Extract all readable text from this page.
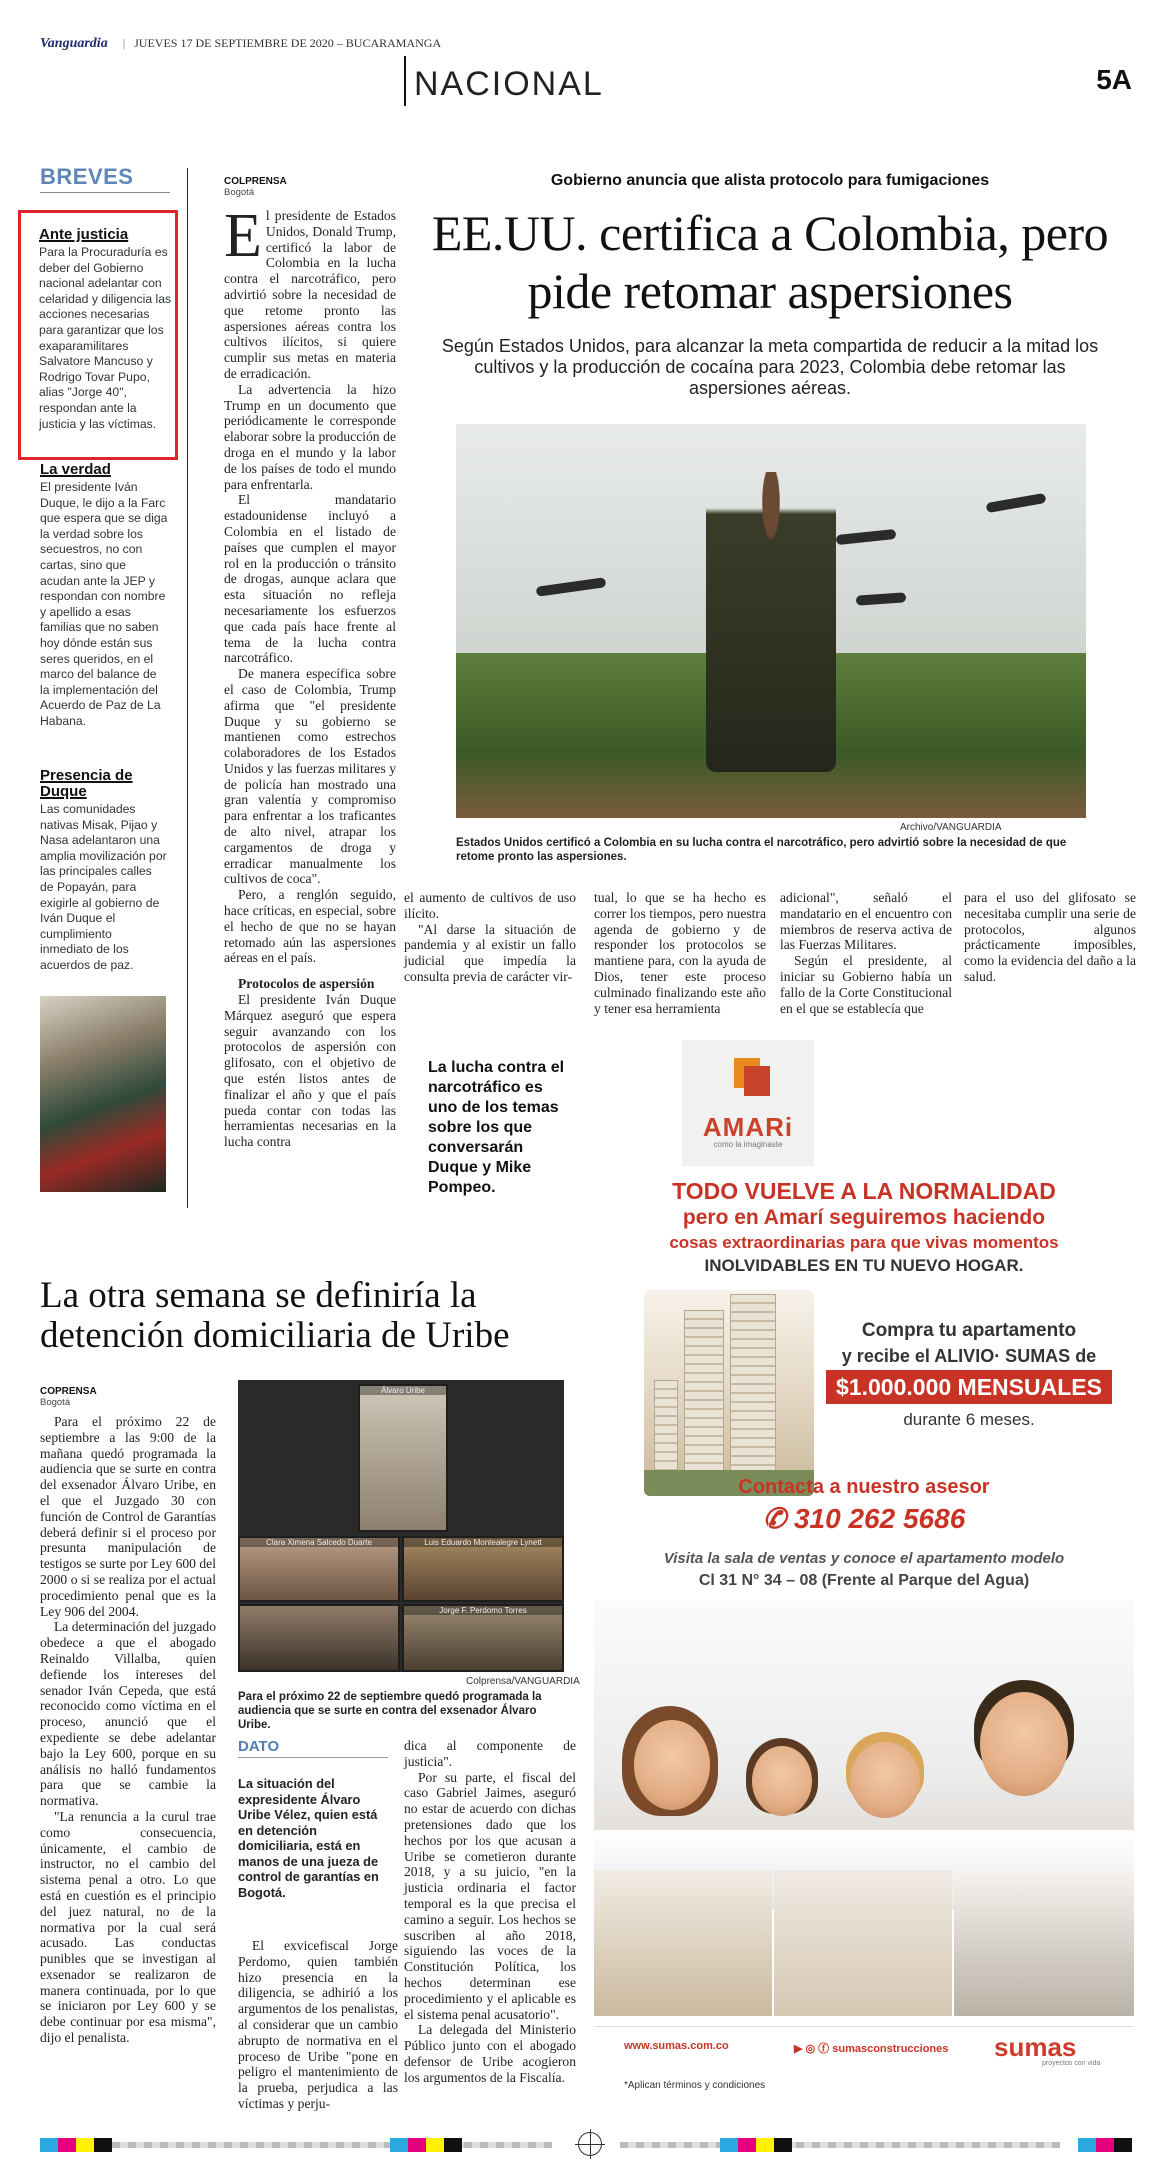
Vanguardia | JUEVES 17 DE SEPTIEMBRE DE 2020 – BUCARAMANGA
NACIONAL	5A
BREVES
Ante justicia
Para la Procuraduría es deber del Gobierno nacional adelantar con celaridad y diligencia las acciones necesarias para garantizar que los exaparamilitares Salvatore Mancuso y Rodrigo Tovar Pupo, alias "Jorge 40", respondan ante la justicia y las víctimas.
La verdad
El presidente Iván Duque, le dijo a la Farc que espera que se diga la verdad sobre los secuestros, no con cartas, sino que acudan ante la JEP y respondan con nombre y apellido a esas familias que no saben hoy dónde están sus seres queridos, en el marco del balance de la implementación del Acuerdo de Paz de La Habana.
Presencia de Duque
Las comunidades nativas Misak, Pijao y Nasa adelantaron una amplia movilización por las principales calles de Popayán, para exigirle al gobierno de Iván Duque el cumplimiento inmediato de los acuerdos de paz.
COLPRENSA
Bogotá
Gobierno anuncia que alista protocolo para fumigaciones
EE.UU. certifica a Colombia, pero pide retomar aspersiones
Según Estados Unidos, para alcanzar la meta compartida de reducir a la mitad los cultivos y la producción de cocaína para 2023, Colombia debe retomar las aspersiones aéreas.
Archivo/VANGUARDIA
Estados Unidos certificó a Colombia en su lucha contra el narcotráfico, pero advirtió sobre la necesidad de que retome pronto las aspersiones.

El presidente de Estados Unidos, Donald Trump, certificó la labor de Colombia en la lucha contra el narcotráfico, pero advirtió sobre la necesidad de que retome pronto las aspersiones aéreas contra los cultivos ilícitos, si quiere cumplir sus metas en materia de erradicación.

La advertencia la hizo Trump en un documento que periódicamente le corresponde elaborar sobre la producción de droga en el mundo y la labor de los países de todo el mundo para enfrentarla.

El mandatario estadounidense incluyó a Colombia en el listado de países que cumplen el mayor rol en la producción o tránsito de drogas, aunque aclara que esta situación no refleja necesariamente los esfuerzos que cada país hace frente al tema de la lucha contra narcotráfico.

De manera específica sobre el caso de Colombia, Trump afirma que "el presidente Duque y su gobierno se mantienen como estrechos colaboradores de los Estados Unidos y las fuerzas militares y de policía han mostrado una gran valentía y compromiso para enfrentar a los traficantes de alto nivel, atrapar los cargamentos de droga y erradicar manualmente los cultivos de coca".

Pero, a renglón seguido, hace críticas, en especial, sobre el hecho de que no se hayan retomado aún las aspersiones aéreas en el país.

Protocolos de aspersión

El presidente Iván Duque Márquez aseguró que espera seguir avanzando con los protocolos de aspersión con glifosato, con el objetivo de que estén listos antes de finalizar el año y que el país pueda contar con todas las herramientas necesarias en la lucha contra

el aumento de cultivos de uso ilícito.

"Al darse la situación de pandemia y al existir un fallo judicial que impedía la consulta previa de carácter vir-

tual, lo que se ha hecho es correr los tiempos, pero nuestra agenda de gobierno y de responder los protocolos se mantiene para, con la ayuda de Dios, tener este proceso culminado finalizando este año y tener esa herramienta

adicional", señaló el mandatario en el encuentro con miembros de reserva activa de las Fuerzas Militares.

Según el presidente, al iniciar su Gobierno había un fallo de la Corte Constitucional en el que se establecía que

para el uso del glifosato se necesitaba cumplir una serie de protocolos, algunos prácticamente imposibles, como la evidencia del daño a la salud.

La lucha contra el narcotráfico es uno de los temas sobre los que conversarán Duque y Mike Pompeo.
AMARi
como la imaginaste
TODO VUELVE A LA NORMALIDAD
pero en Amarí seguiremos haciendo
cosas extraordinarias para que vivas momentos
INOLVIDABLES EN TU NUEVO HOGAR.
Compra tu apartamento
y recibe el ALIVIO· SUMAS de
$1.000.000 MENSUALES
durante 6 meses.
Contacta a nuestro asesor
✆ 310 262 5686
Visita la sala de ventas y conoce el apartamento modelo
Cl 31 N° 34 – 08 (Frente al Parque del Agua)
www.sumas.com.co	▶ ◎ ⓕ sumasconstrucciones sumas
proyectos con vida
*Aplican términos y condiciones
La otra semana se definiría la detención domiciliaria de Uribe
COPRENSA
Bogotá

Para el próximo 22 de septiembre a las 9:00 de la mañana quedó programada la audiencia que se surte en contra del exsenador Álvaro Uribe, en el que el Juzgado 30 con función de Control de Garantías deberá definir si el proceso por presunta manipulación de testigos se surte por Ley 600 del 2000 o si se realiza por el actual procedimiento penal que es la Ley 906 del 2004.

La determinación del juzgado obedece a que el abogado Reinaldo Villalba, quien defiende los intereses del senador Iván Cepeda, que está reconocido como víctima en el proceso, anunció que el expediente se debe adelantar bajo la Ley 600, porque en su análisis no halló fundamentos para que se cambie la normativa.

"La renuncia a la curul trae como consecuencia, únicamente, el cambio de instructor, no el cambio del sistema penal a otro. Lo que está en cuestión es el principio del juez natural, no de la normativa por la cual será acusado. Las conductas punibles que se investigan al exsenador se realizaron de manera continuada, por lo que se iniciaron por Ley 600 y se debe continuar por esa misma", dijo el penalista.

Álvaro Uribe
Clara Ximena Salcedo Duarte	Luis Eduardo Montealegre Lynett
Jorge F. Perdomo Torres
Colprensa/VANGUARDIA
Para el próximo 22 de septiembre quedó programada la audiencia que se surte en contra del exsenador Álvaro Uribe.
DATO
La situación del expresidente Álvaro Uribe Vélez, quien está en detención domiciliaria, está en manos de una jueza de control de garantías en Bogotá.

El exvicefiscal Jorge Perdomo, quien también hizo presencia en la diligencia, se adhirió a los argumentos de los penalistas, al considerar que un cambio abrupto de normativa en el proceso de Uribe "pone en peligro el mantenimiento de la prueba, perjudica a las víctimas y perju-

dica al componente de justicia".

Por su parte, el fiscal del caso Gabriel Jaimes, aseguró no estar de acuerdo con dichas pretensiones dado que los hechos por los que acusan a Uribe se cometieron durante 2018, y a su juicio, "en la justicia ordinaria el factor temporal es la que precisa el camino a seguir. Los hechos se suscriben al año 2018, siguiendo las voces de la Constitución Política, los hechos determinan ese procedimiento y el aplicable es el sistema penal acusatorio".

La delegada del Ministerio Público junto con el abogado defensor de Uribe acogieron los argumentos de la Fiscalía.
